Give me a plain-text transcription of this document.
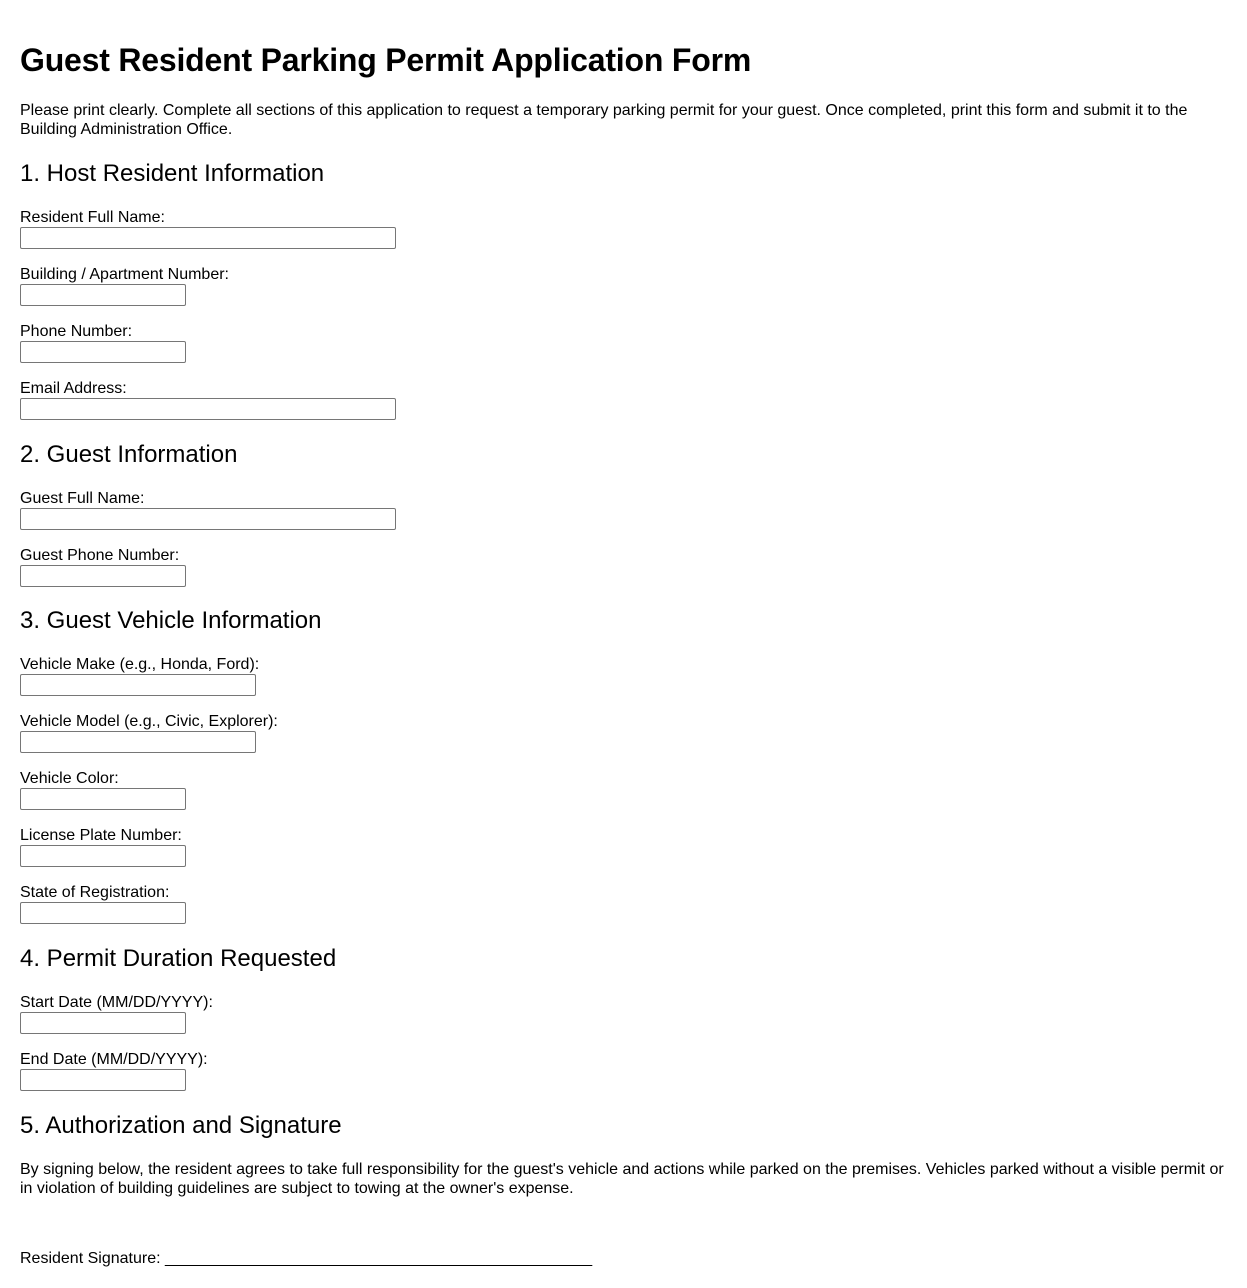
Guest Resident Parking Permit Application Form

Please print clearly. Complete all sections of this application to request a temporary parking permit for your guest. Once completed, print this form and submit it to the Building Administration Office.

1. Host Resident Information
Resident Full Name:
Building / Apartment Number:
Phone Number:
Email Address:
2. Guest Information
Guest Full Name:
Guest Phone Number:
3. Guest Vehicle Information
Vehicle Make (e.g., Honda, Ford):
Vehicle Model (e.g., Civic, Explorer):
Vehicle Color:
License Plate Number:
State of Registration:
4. Permit Duration Requested
Start Date (MM/DD/YYYY):
End Date (MM/DD/YYYY):
5. Authorization and Signature

By signing below, the resident agrees to take full responsibility for the guest's vehicle and actions while parked on the premises. Vehicles parked without a visible permit or in violation of building guidelines are subject to towing at the owner's expense.

Resident Signature: ________________________________________________
